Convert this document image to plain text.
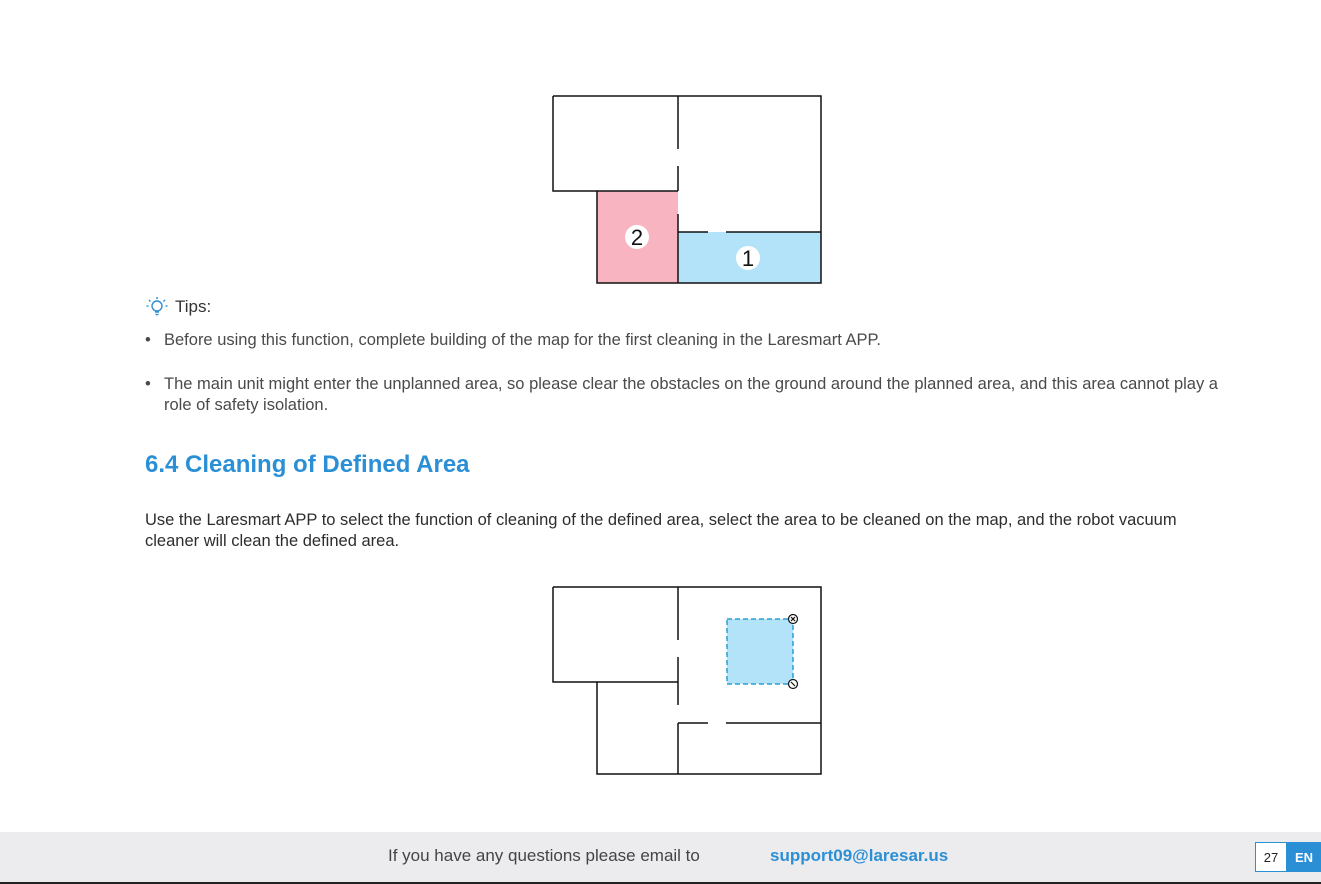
2
1
Tips:
• Before using this function, complete building of the map for the first cleaning in the Laresmart APP.
• The main unit might enter the unplanned area, so please clear the obstacles on the ground around the planned area, and this area cannot play a role of safety isolation.
6.4 Cleaning of Defined Area
Use the Laresmart APP to select the function of cleaning of the defined area, select the area to be cleaned on the map, and the robot vacuum cleaner will clean the defined area.
If you have any questions please email to	support09@laresar.us	27	EN
